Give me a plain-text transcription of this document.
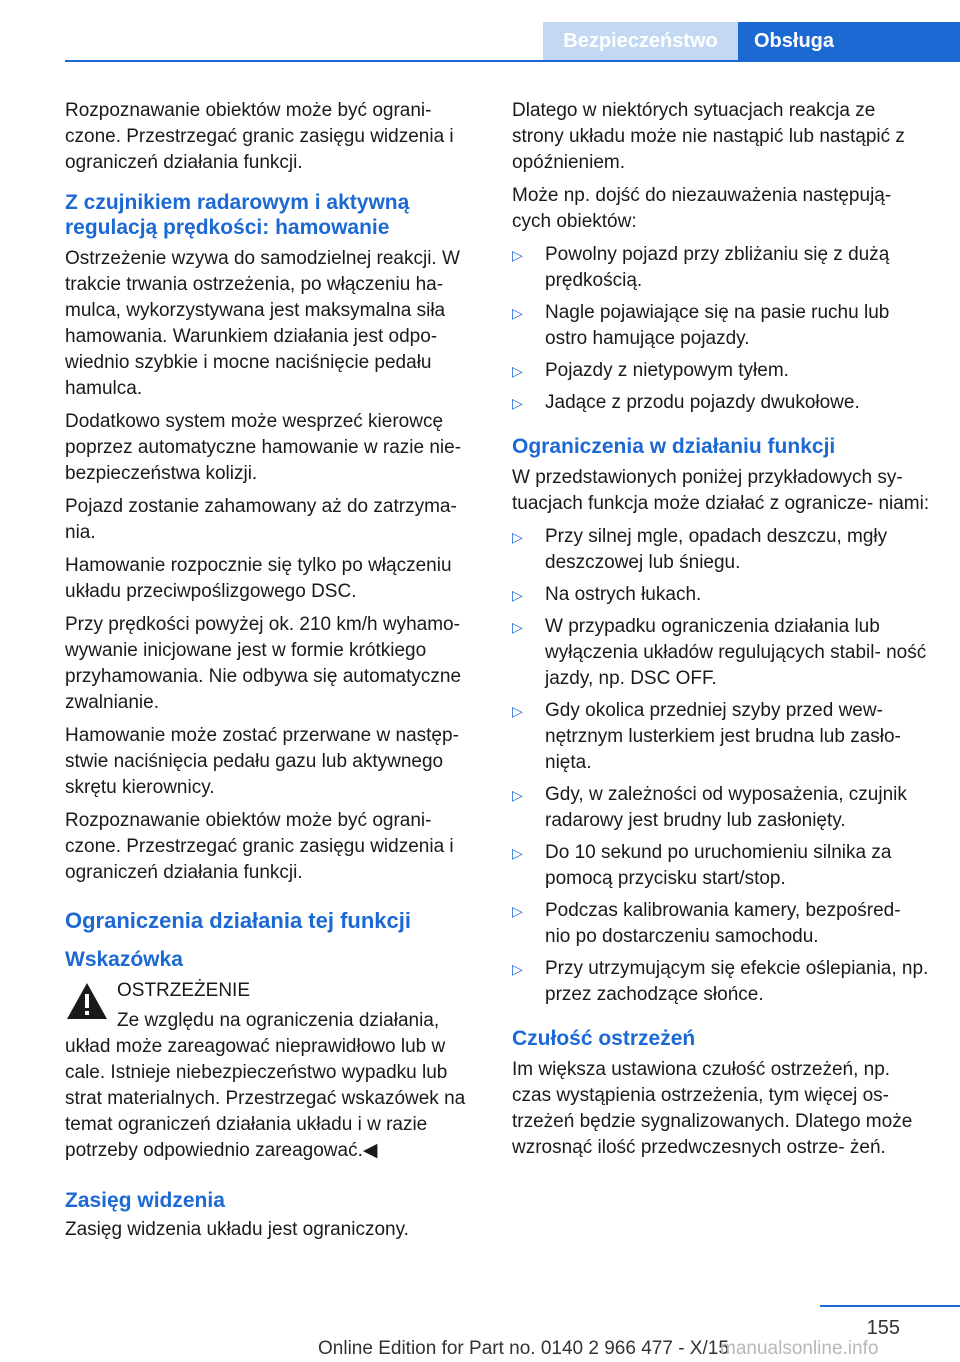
Bezpieczeństwo	Obsługa

Rozpoznawanie obiektów może być ograni‐ czone. Przestrzegać granic zasięgu widzenia i ograniczeń działania funkcji.

Z czujnikiem radarowym i aktywną regulacją prędkości: hamowanie

Ostrzeżenie wzywa do samodzielnej reakcji. W trakcie trwania ostrzeżenia, po włączeniu ha‐ mulca, wykorzystywana jest maksymalna siła hamowania. Warunkiem działania jest odpo‐ wiednio szybkie i mocne naciśnięcie pedału hamulca.

Dodatkowo system może wesprzeć kierowcę poprzez automatyczne hamowanie w razie nie‐ bezpieczeństwa kolizji.

Pojazd zostanie zahamowany aż do zatrzyma‐ nia.

Hamowanie rozpocznie się tylko po włączeniu układu przeciwpoślizgowego DSC.

Przy prędkości powyżej ok. 210 km/h wyhamo‐ wywanie inicjowane jest w formie krótkiego przyhamowania. Nie odbywa się automatyczne zwalnianie.

Hamowanie może zostać przerwane w następ‐ stwie naciśnięcia pedału gazu lub aktywnego skrętu kierownicy.

Rozpoznawanie obiektów może być ograni‐ czone. Przestrzegać granic zasięgu widzenia i ograniczeń działania funkcji.

Ograniczenia działania tej funkcji
Wskazówka

OSTRZEŻENIE

Ze względu na ograniczenia działania,

układ może zareagować nieprawidłowo lub w cale. Istnieje niebezpieczeństwo wypadku lub strat materialnych. Przestrzegać wskazówek na temat ograniczeń działania układu i w razie potrzeby odpowiednio zareagować.◀

Zasięg widzenia

Zasięg widzenia układu jest ograniczony.

Dlatego w niektórych sytuacjach reakcja ze strony układu może nie nastąpić lub nastąpić z opóźnieniem.

Może np. dojść do niezauważenia następują‐ cych obiektów:

▷ Powolny pojazd przy zbliżaniu się z dużą prędkością.
▷ Nagle pojawiające się na pasie ruchu lub ostro hamujące pojazdy.
▷ Pojazdy z nietypowym tyłem.
▷ Jadące z przodu pojazdy dwukołowe.
Ograniczenia w działaniu funkcji

W przedstawionych poniżej przykładowych sy‐ tuacjach funkcja może działać z ogranicze‐ niami:

▷ Przy silnej mgle, opadach deszczu, mgły deszczowej lub śniegu.
▷ Na ostrych łukach.
▷ W przypadku ograniczenia działania lub wyłączenia układów regulujących stabil‐ ność jazdy, np. DSC OFF.
▷ Gdy okolica przedniej szyby przed wew‐ nętrznym lusterkiem jest brudna lub zasło‐ nięta.
▷ Gdy, w zależności od wyposażenia, czujnik radarowy jest brudny lub zasłonięty.
▷ Do 10 sekund po uruchomieniu silnika za pomocą przycisku start/stop.
▷ Podczas kalibrowania kamery, bezpośred‐ nio po dostarczeniu samochodu.
▷ Przy utrzymującym się efekcie oślepiania, np. przez zachodzące słońce.
Czułość ostrzeżeń

Im większa ustawiona czułość ostrzeżeń, np. czas wystąpienia ostrzeżenia, tym więcej os‐ trzeżeń będzie sygnalizowanych. Dlatego może wzrosnąć ilość przedwczesnych ostrze‐ żeń.

155
Online Edition for Part no. 0140 2 966 477 - X/15
manualsonline.info
